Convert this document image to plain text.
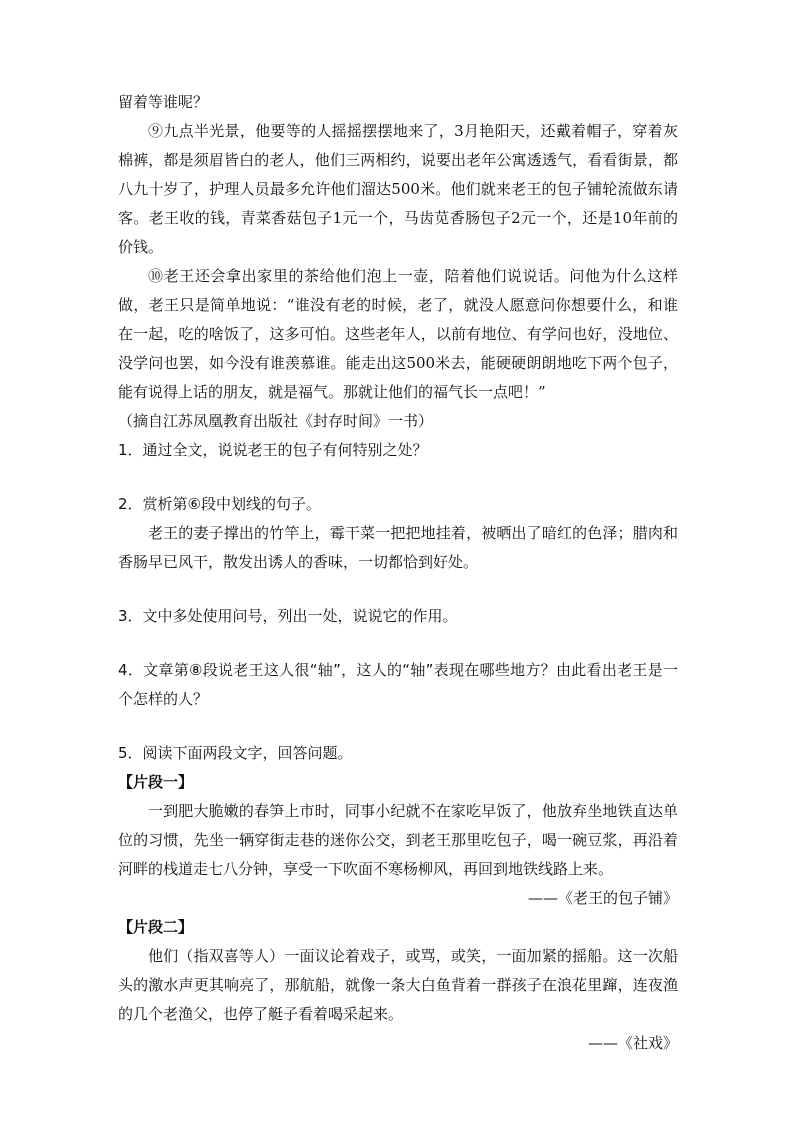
留着等谁呢？

⑨九点半光景，他要等的人摇摇摆摆地来了，3月艳阳天，还戴着帽子，穿着灰棉裤，都是须眉皆白的老人，他们三两相约，说要出老年公寓透透气，看看街景，都八九十岁了，护理人员最多允许他们溜达500米。他们就来老王的包子铺轮流做东请客。老王收的钱，青菜香菇包子1元一个，马齿苋香肠包子2元一个，还是10年前的价钱。

⑩老王还会拿出家里的茶给他们泡上一壶，陪着他们说说话。问他为什么这样做，老王只是简单地说：“谁没有老的时候，老了，就没人愿意问你想要什么，和谁在一起，吃的啥饭了，这多可怕。这些老年人，以前有地位、有学问也好，没地位、没学问也罢，如今没有谁羡慕谁。能走出这500米去，能硬硬朗朗地吃下两个包子，能有说得上话的朋友，就是福气。那就让他们的福气长一点吧！”

（摘自江苏凤凰教育出版社《封存时间》一书）

1．通过全文，说说老王的包子有何特别之处？

2．赏析第⑥段中划线的句子。

老王的妻子撑出的竹竿上，霉干菜一把把地挂着，被晒出了暗红的色泽；腊肉和香肠早已风干，散发出诱人的香味，一切都恰到好处。

3．文中多处使用问号，列出一处，说说它的作用。

4．文章第⑧段说老王这人很“轴”，这人的“轴”表现在哪些地方？由此看出老王是一个怎样的人？

5．阅读下面两段文字，回答问题。

【片段一】

一到肥大脆嫩的春笋上市时，同事小纪就不在家吃早饭了，他放弃坐地铁直达单位的习惯，先坐一辆穿街走巷的迷你公交，到老王那里吃包子，喝一碗豆浆，再沿着河畔的栈道走七八分钟，享受一下吹面不寒杨柳风，再回到地铁线路上来。

——《老王的包子铺》

【片段二】

他们（指双喜等人）一面议论着戏子，或骂，或笑，一面加紧的摇船。这一次船头的激水声更其响亮了，那航船，就像一条大白鱼背着一群孩子在浪花里蹿，连夜渔的几个老渔父，也停了艇子看着喝采起来。

——《社戏》
